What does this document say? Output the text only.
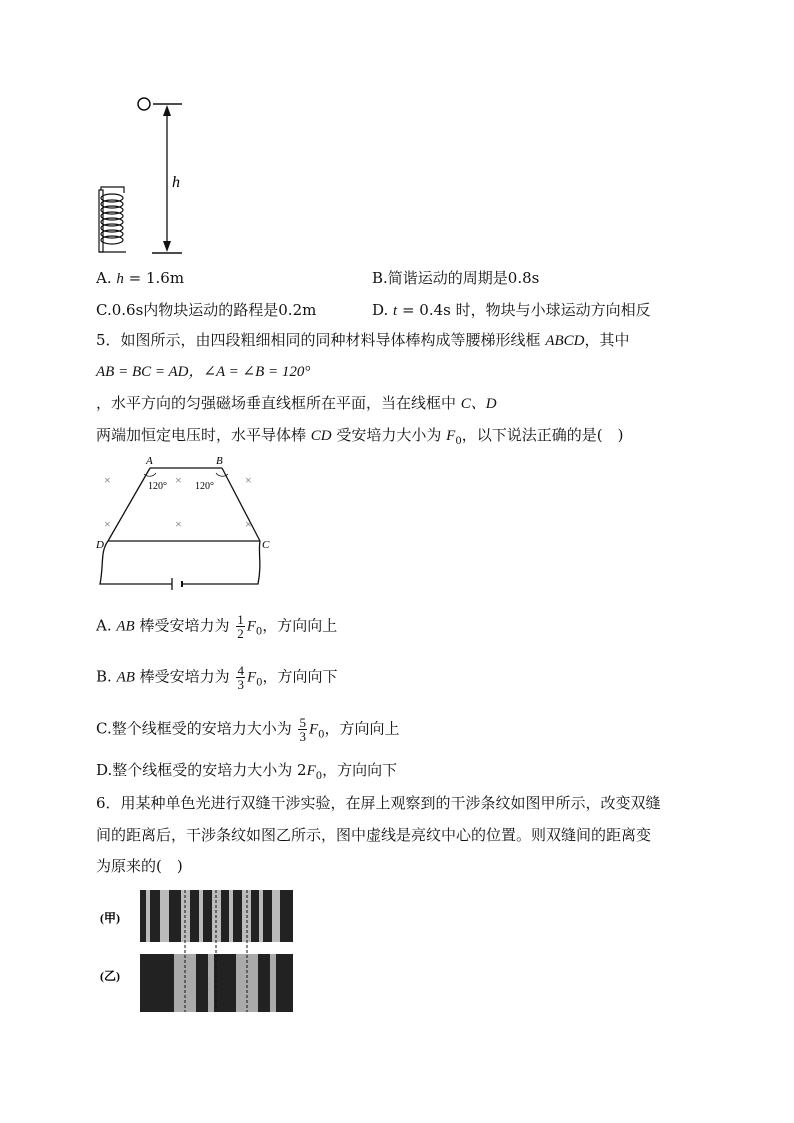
h
A. h = 1.6m	B.简谐运动的周期是0.8s
C.0.6s内物块运动的路程是0.2m	D. t = 0.4s 时，物块与小球运动方向相反
5．如图所示，由四段粗细相同的同种材料导体棒构成等腰梯形线框 ABCD，其中
AB = BC = AD，∠A = ∠B = 120°
，水平方向的匀强磁场垂直线框所在平面，当在线框中 C、D
两端加恒定电压时，水平导体棒 CD 受安培力大小为 $F_0$，以下说法正确的是(　)
A	B
D	C
120°	120°
×	×	×
×	×	×
A. AB 棒受安培力为 $\frac{1}{2} F_0$，方向向上
B. AB 棒受安培力为 $\frac{4}{3} F_0$，方向向下
C.整个线框受的安培力大小为 $\frac{5}{3} F_0$，方向向上
D.整个线框受的安培力大小为 $2F_0$，方向向下
6．用某种单色光进行双缝干涉实验，在屏上观察到的干涉条纹如图甲所示，改变双缝
间的距离后，干涉条纹如图乙所示，图中虚线是亮纹中心的位置。则双缝间的距离变
为原来的(　)
(甲)
(乙)
